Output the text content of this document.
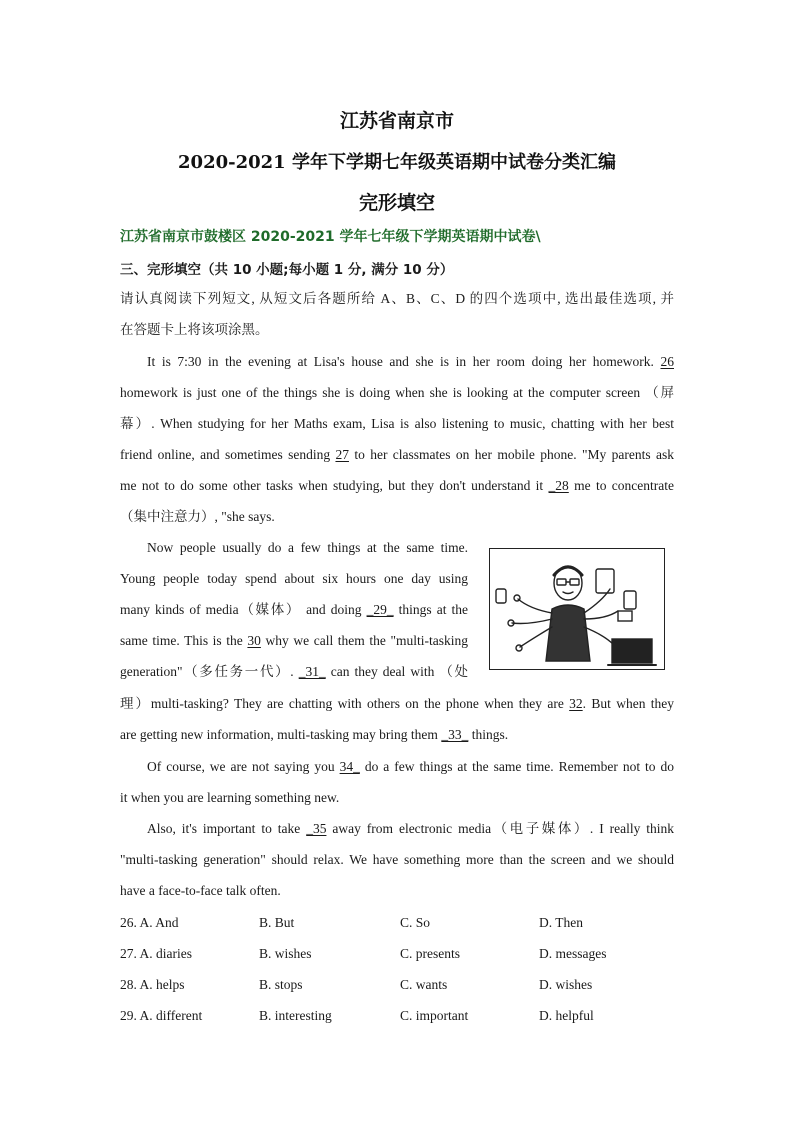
江苏省南京市
2020-2021 学年下学期七年级英语期中试卷分类汇编
完形填空
江苏省南京市鼓楼区 2020-2021 学年七年级下学期英语期中试卷\
三、完形填空（共 10 小题;每小题 1 分, 满分 10 分）
请认真阅读下列短文, 从短文后各题所给 A、B、C、D 的四个选项中, 选出最佳选项, 并
在答题卡上将该项涂黑。
It is 7:30 in the evening at Lisa's house and she is in her room doing her homework. 26
homework is just one of the things she is doing when she is looking at the computer screen （屏
幕）. When studying for her Maths exam, Lisa is also listening to music, chatting with her best
friend online, and sometimes sending 27 to her classmates on her mobile phone. "My parents ask
me not to do some other tasks when studying, but they don't understand it _28 me to concentrate
（集中注意力）, "she says.
Now people usually do a few things at the same time.
Young people today spend about six hours one day using
many kinds of media（媒体） and doing _29_ things at the
same time. This is the 30 why we call them the "multi-tasking
generation"（多任务一代）. _31_ can they deal with （处
理）multi-tasking? They are chatting with others on the phone when they are 32. But when they
are getting new information, multi-tasking may bring them _33_ things.
Of course, we are not saying you 34_ do a few things at the same time. Remember not to do
it when you are learning something new.
Also, it's important to take _35 away from electronic media（电子媒体）. I really think
"multi-tasking generation" should relax. We have something more than the screen and we should
have a face-to-face talk often.
26. A. And	B. But	C. So	D. Then
27. A. diaries	B. wishes	C. presents	D. messages
28. A. helps	B. stops	C. wants	D. wishes
29. A. different	B. interesting	C. important	D. helpful
